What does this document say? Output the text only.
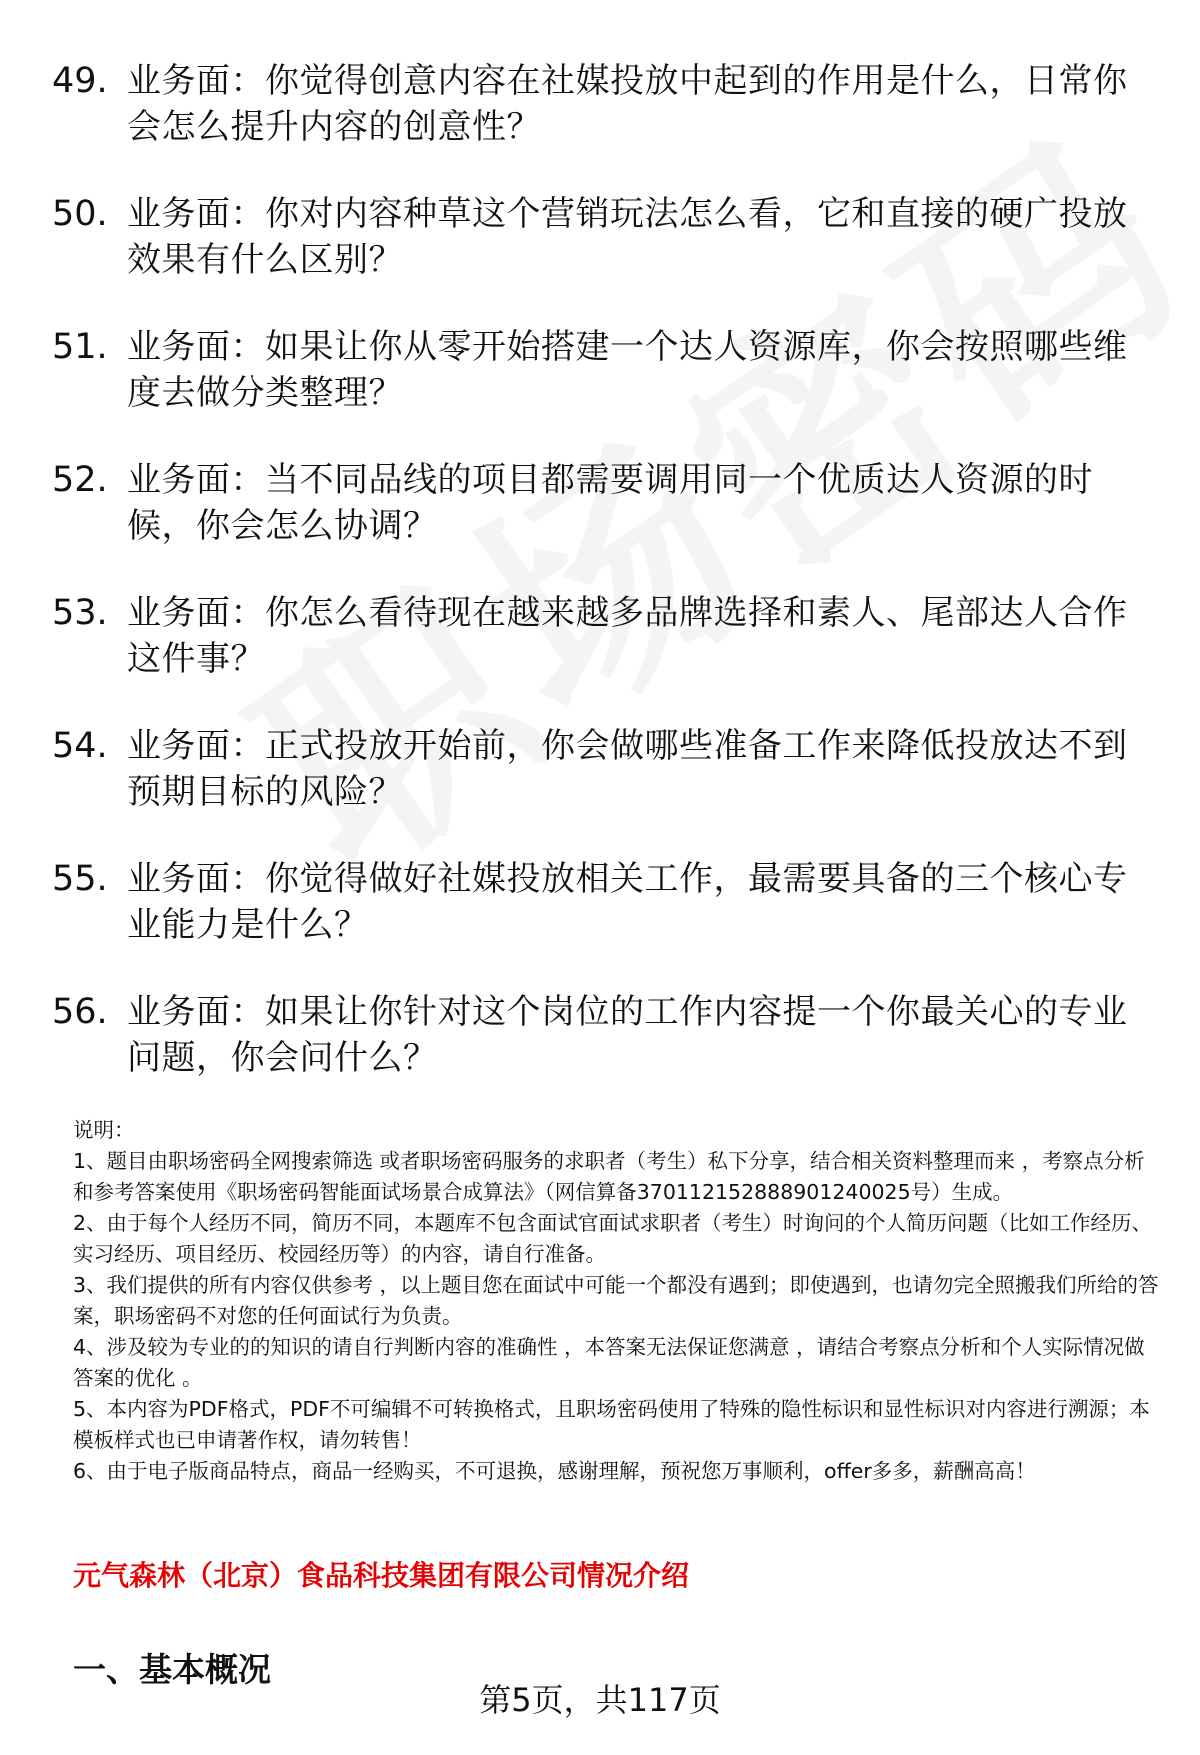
49. 业务面：你觉得创意内容在社媒投放中起到的作用是什么，日常你会怎么提升内容的创意性？
50. 业务面：你对内容种草这个营销玩法怎么看，它和直接的硬广投放效果有什么区别？
51. 业务面：如果让你从零开始搭建一个达人资源库，你会按照哪些维度去做分类整理？
52. 业务面：当不同品线的项目都需要调用同一个优质达人资源的时候，你会怎么协调？
53. 业务面：你怎么看待现在越来越多品牌选择和素人、尾部达人合作这件事？
54. 业务面：正式投放开始前，你会做哪些准备工作来降低投放达不到预期目标的风险？
55. 业务面：你觉得做好社媒投放相关工作，最需要具备的三个核心专业能力是什么？
56. 业务面：如果让你针对这个岗位的工作内容提一个你最关心的专业问题，你会问什么？

说明：

1、题目由职场密码全网搜索筛选 或者职场密码服务的求职者（考生）私下分享，结合相关资料整理而来 ，考察点分析和参考答案使用《职场密码智能面试场景合成算法》（网信算备37011215288890124002​5号）生成。

2、由于每个人经历不同，简历不同，本题库不包含面试官面试求职者（考生）时询问的个人简历问题（比如工作经历、实习经历、项目经历、校园经历等）的内容，请自行准备。

3、我们提供的所有内容仅供参考 ，以上题目您在面试中可能一个都没有遇到；即使遇到，也请勿完全照搬我们所给的答案，职场密码不对您的任何面试行为负责。

4、涉及较为专业的的知识的请自行判断内容的准确性 ，本答案无法保证您满意 ，请结合考察点分析和个人实际情况做答案的优化 。

5、本内容为PDF格式，PDF不可编辑不可转换格式，且职场密码使用了特殊的隐性标识和显性标识对内容进行溯源；本模板样式也已申请著作权，请勿转售！

6、由于电子版商品特点，商品一经购买，不可退换，感谢理解，预祝您万事顺利，offer多多，薪酬高高！

元气森林（北京）食品科技集团有限公司情况介绍
一、基本概况
第5页，共117页
